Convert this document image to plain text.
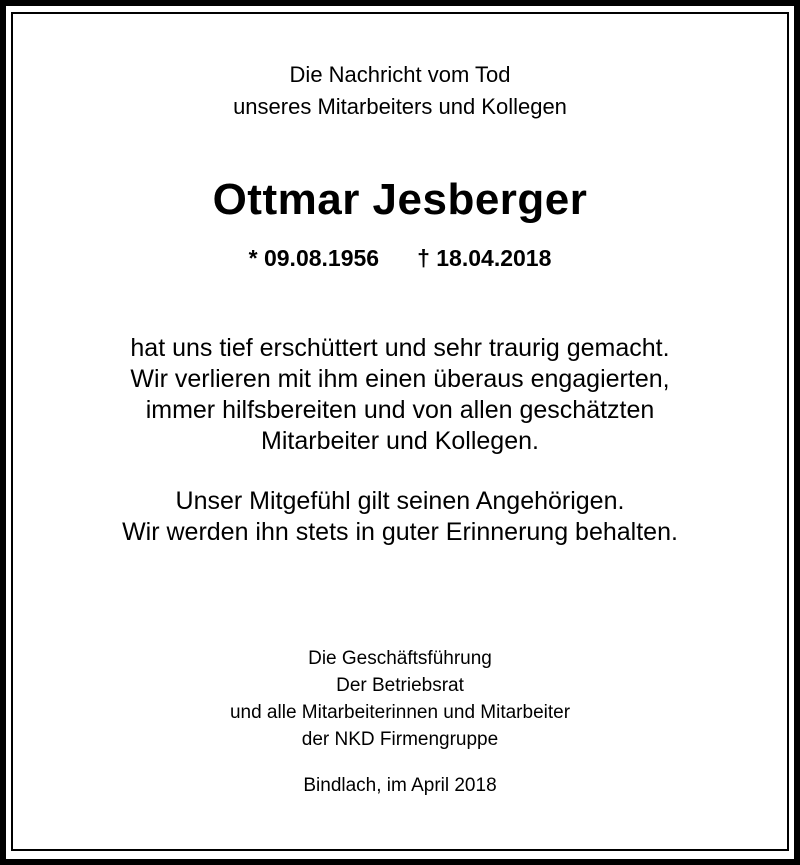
Die Nachricht vom Tod
unseres Mitarbeiters und Kollegen
Ottmar Jesberger
* 09.08.1956 † 18.04.2018
hat uns tief erschüttert und sehr traurig gemacht.
Wir verlieren mit ihm einen überaus engagierten,
immer hilfsbereiten und von allen geschätzten
Mitarbeiter und Kollegen.
Unser Mitgefühl gilt seinen Angehörigen.
Wir werden ihn stets in guter Erinnerung behalten.
Die Geschäftsführung
Der Betriebsrat
und alle Mitarbeiterinnen und Mitarbeiter
der NKD Firmengruppe
Bindlach, im April 2018
